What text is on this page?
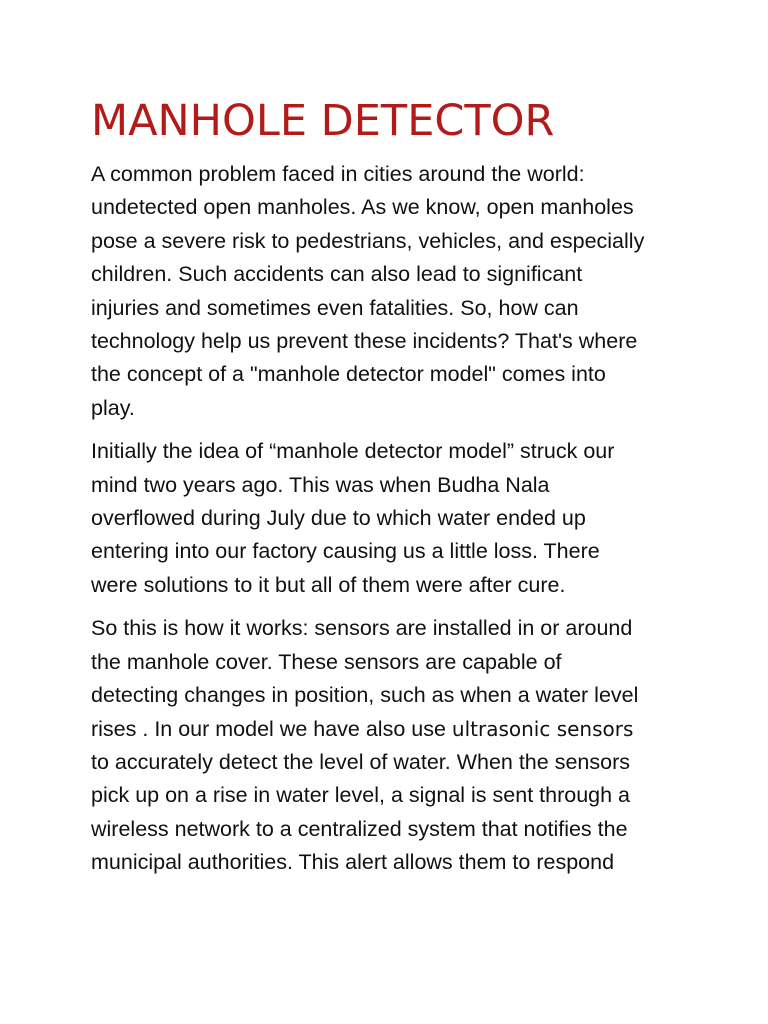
MANHOLE DETECTOR

A common problem faced in cities around the world:
undetected open manholes. As we know, open manholes
pose a severe risk to pedestrians, vehicles, and especially
children. Such accidents can also lead to significant
injuries and sometimes even fatalities. So, how can
technology help us prevent these incidents? That's where
the concept of a "manhole detector model" comes into
play.

Initially the idea of “manhole detector model” struck our
mind two years ago. This was when Budha Nala
overflowed during July due to which water ended up
entering into our factory causing us a little loss. There
were solutions to it but all of them were after cure.

So this is how it works: sensors are installed in or around
the manhole cover. These sensors are capable of
detecting changes in position, such as when a water level
rises . In our model we have also use ultrasonic sensors
to accurately detect the level of water. When the sensors
pick up on a rise in water level, a signal is sent through a
wireless network to a centralized system that notifies the
municipal authorities. This alert allows them to respond
